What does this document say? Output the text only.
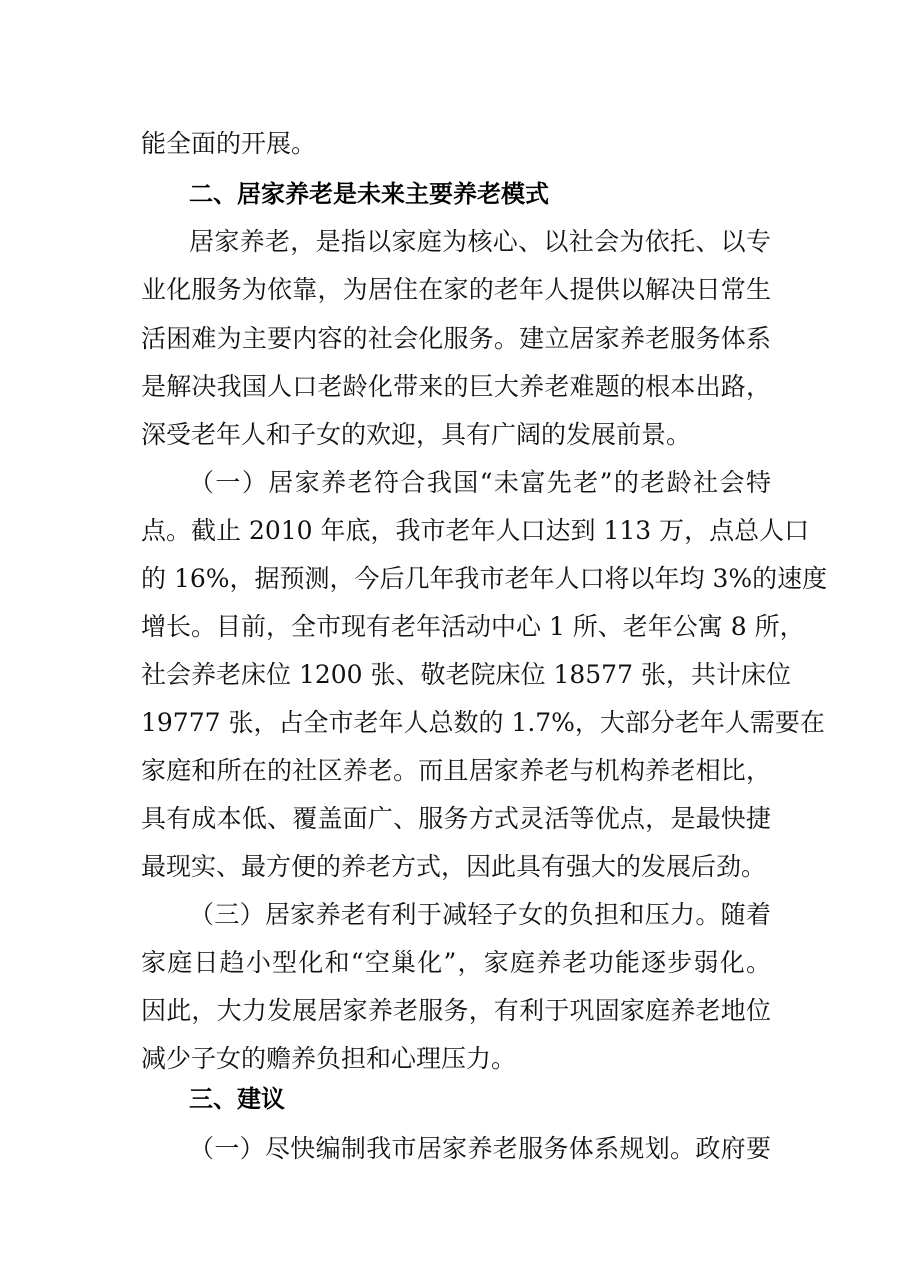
能全面的开展。
二、居家养老是未来主要养老模式
居家养老，是指以家庭为核心、以社会为依托、以专
业化服务为依靠，为居住在家的老年人提供以解决日常生
活困难为主要内容的社会化服务。建立居家养老服务体系
是解决我国人口老龄化带来的巨大养老难题的根本出路，
深受老年人和子女的欢迎，具有广阔的发展前景。
（一）居家养老符合我国“未富先老”的老龄社会特
点。截止 2010 年底，我市老年人口达到 113 万，点总人口
的 16%，据预测，今后几年我市老年人口将以年均 3%的速度
增长。目前，全市现有老年活动中心 1 所、老年公寓 8 所，
社会养老床位 1200 张、敬老院床位 18577 张，共计床位
19777 张，占全市老年人总数的 1.7%，大部分老年人需要在
家庭和所在的社区养老。而且居家养老与机构养老相比，
具有成本低、覆盖面广、服务方式灵活等优点，是最快捷
最现实、最方便的养老方式，因此具有强大的发展后劲。
（三）居家养老有利于减轻子女的负担和压力。随着
家庭日趋小型化和“空巢化”，家庭养老功能逐步弱化。
因此，大力发展居家养老服务，有利于巩固家庭养老地位
减少子女的赡养负担和心理压力。
三、建议
（一）尽快编制我市居家养老服务体系规划。政府要
